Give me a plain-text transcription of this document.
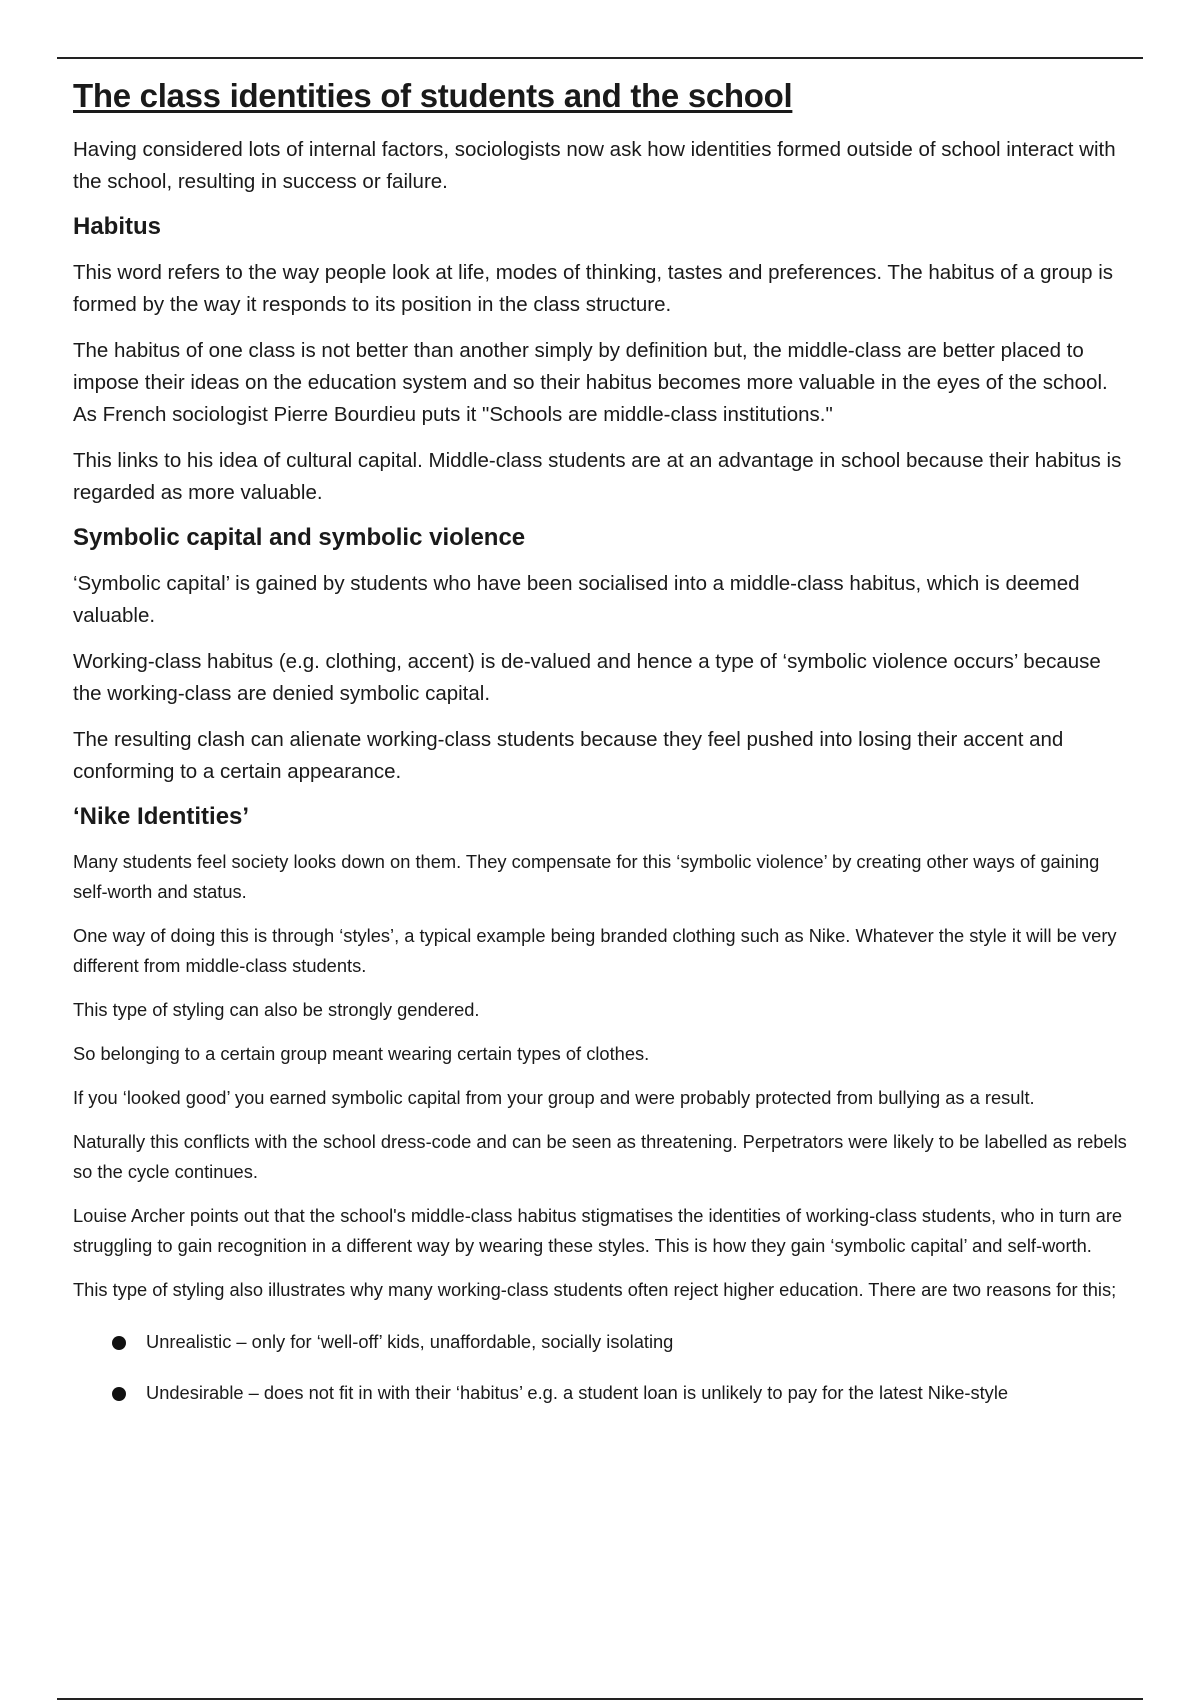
The class identities of students and the school

Having considered lots of internal factors, sociologists now ask how identities formed outside of school interact with the school, resulting in success or failure.

Habitus

This word refers to the way people look at life, modes of thinking, tastes and preferences. The habitus of a group is formed by the way it responds to its position in the class structure.

The habitus of one class is not better than another simply by definition but, the middle-class are better placed to impose their ideas on the education system and so their habitus becomes more valuable in the eyes of the school. As French sociologist Pierre Bourdieu puts it "Schools are middle-class institutions."

This links to his idea of cultural capital. Middle-class students are at an advantage in school because their habitus is regarded as more valuable.

Symbolic capital and symbolic violence

‘Symbolic capital’ is gained by students who have been socialised into a middle-class habitus, which is deemed valuable.

Working-class habitus (e.g. clothing, accent) is de-valued and hence a type of ‘symbolic violence occurs’ because the working-class are denied symbolic capital.

The resulting clash can alienate working-class students because they feel pushed into losing their accent and conforming to a certain appearance.

‘Nike Identities’

Many students feel society looks down on them. They compensate for this ‘symbolic violence’ by creating other ways of gaining self-worth and status.

One way of doing this is through ‘styles’, a typical example being branded clothing such as Nike. Whatever the style it will be very different from middle-class students.

This type of styling can also be strongly gendered.

So belonging to a certain group meant wearing certain types of clothes.

If you ‘looked good’ you earned symbolic capital from your group and were probably protected from bullying as a result.

Naturally this conflicts with the school dress-code and can be seen as threatening. Perpetrators were likely to be labelled as rebels so the cycle continues.

Louise Archer points out that the school's middle-class habitus stigmatises the identities of working-class students, who in turn are struggling to gain recognition in a different way by wearing these styles. This is how they gain ‘symbolic capital’ and self-worth.

This type of styling also illustrates why many working-class students often reject higher education. There are two reasons for this;

Unrealistic – only for ‘well-off’ kids, unaffordable, socially isolating
Undesirable – does not fit in with their ‘habitus’ e.g. a student loan is unlikely to pay for the latest Nike-style
